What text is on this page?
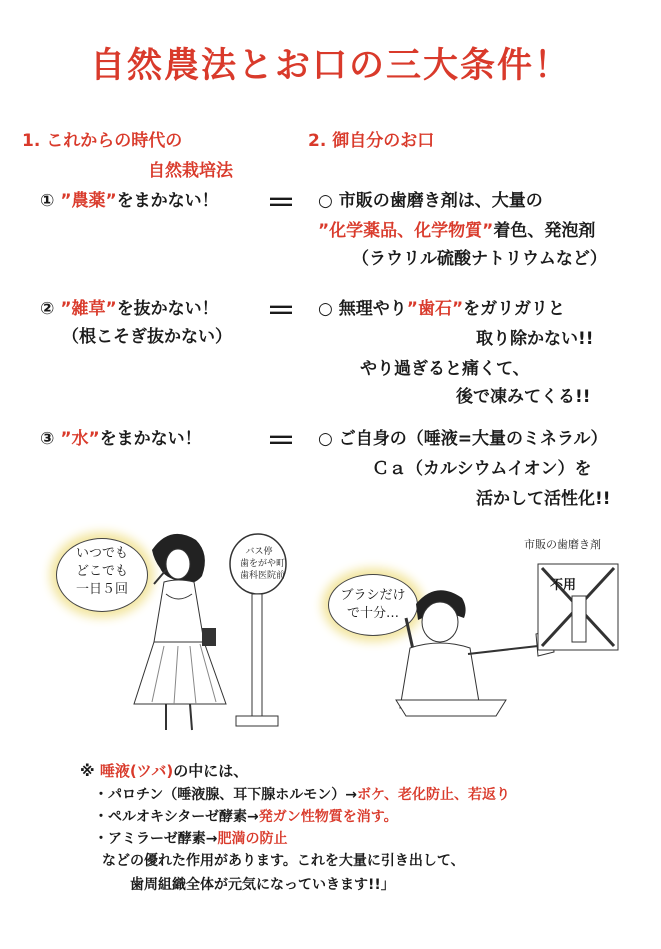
自然農法とお口の三大条件！
1. これからの時代の
自然栽培法
2. 御自分のお口
① ”農薬”をまかない！ ＝ ○ 市販の歯磨き剤は、大量の
”化学薬品、化学物質”着色、発泡剤
（ラウリル硫酸ナトリウムなど）
② ”雑草”を抜かない！
（根こそぎ抜かない）
＝ ○ 無理やり”歯石”をガリガリと
取り除かない!!
やり過ぎると痛くて、
後で凍みてくる!!
③ ”水”をまかない！ ＝ ○ ご自身の（唾液=大量のミネラル）
Ｃａ（カルシウムイオン）を
活かして活性化!!
いつでも
どこでも
一日５回
バス停
歯をがや町
歯科医院前
市販の歯磨き剤
ブラシだけ
で十分…
不用
※ 唾液(ツバ)の中には、
・パロチン（唾液腺、耳下腺ホルモン）→ボケ、老化防止、若返り
・ペルオキシターゼ酵素→発ガン性物質を消す。
・アミラーゼ酵素→肥満の防止
などの優れた作用があります。これを大量に引き出して、
歯周組織全体が元気になっていきます!!」
